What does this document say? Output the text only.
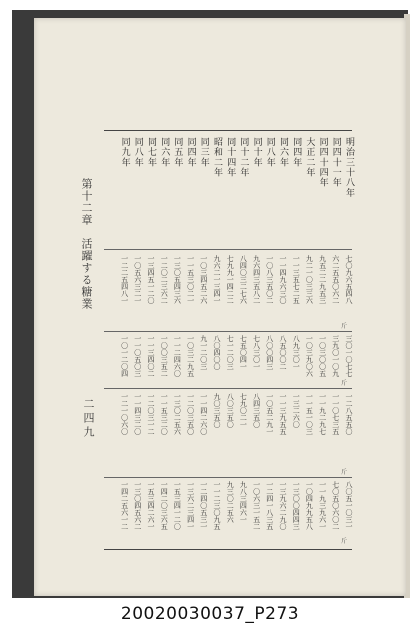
第十二章　活躍する糖業
二四九
斤
斤
斤
斤
明治三十八年
七〇九六五四八
三〇一〇七七
一二八五五〇
八〇五一〇三一
同四十一年
六二五五〇六二
三九〇一〇九
一一〇七三五
七〇五〇六〇二
同四十四年
九五二二九五三
一〇三〇〇五
一一九二九七
一一九三九六一
大正二年
九二一〇三三六
一〇三九〇六
一一五一〇三
一〇四九九五八
同四年
一一三五七二五
八九三〇一
一三二六〇
一三〇〇四四三
同六年
一一四九六三〇
八五〇〇二
一一三九五五
一三九六二九〇
同八年
一〇八三五〇二
八〇〇四三
一〇五二九一
一二四一八三五
同十年
九六四三五八二
七八三〇一
八四三五〇
一〇六三一五二
同十二年
八四〇三二七六
七五〇四一
七九〇二一
九八三四六一
同十四年
七九九一四二二
七一二〇三
八〇三五〇
九三〇二五六
昭和二年
九六二一三四一
八〇四〇〇
九〇三五〇
一一二三〇九五
同三年
一〇三四五二六
九一二〇三
一一四二六〇
一二四〇五三一
同四年
一一五三〇二一
一〇三二九五
一二〇三五〇
一三六二三四一
同五年
一三〇五四三六
一一二四六〇
一三〇二五六
一五三四一二〇
同六年
一二〇二三六二
一〇〇三五二
一一五三二〇
一四二〇三六五
同七年
一三四五一二〇
一一三四〇二
一二〇三一二
一五三四二六一
同八年
一〇五六三二一
一一〇五〇三
一一四三二〇
一三〇四五六二
同九年
一二二五四八一
一〇一二〇四
一二一〇六〇
一四二五六一二
20020030037_P273
